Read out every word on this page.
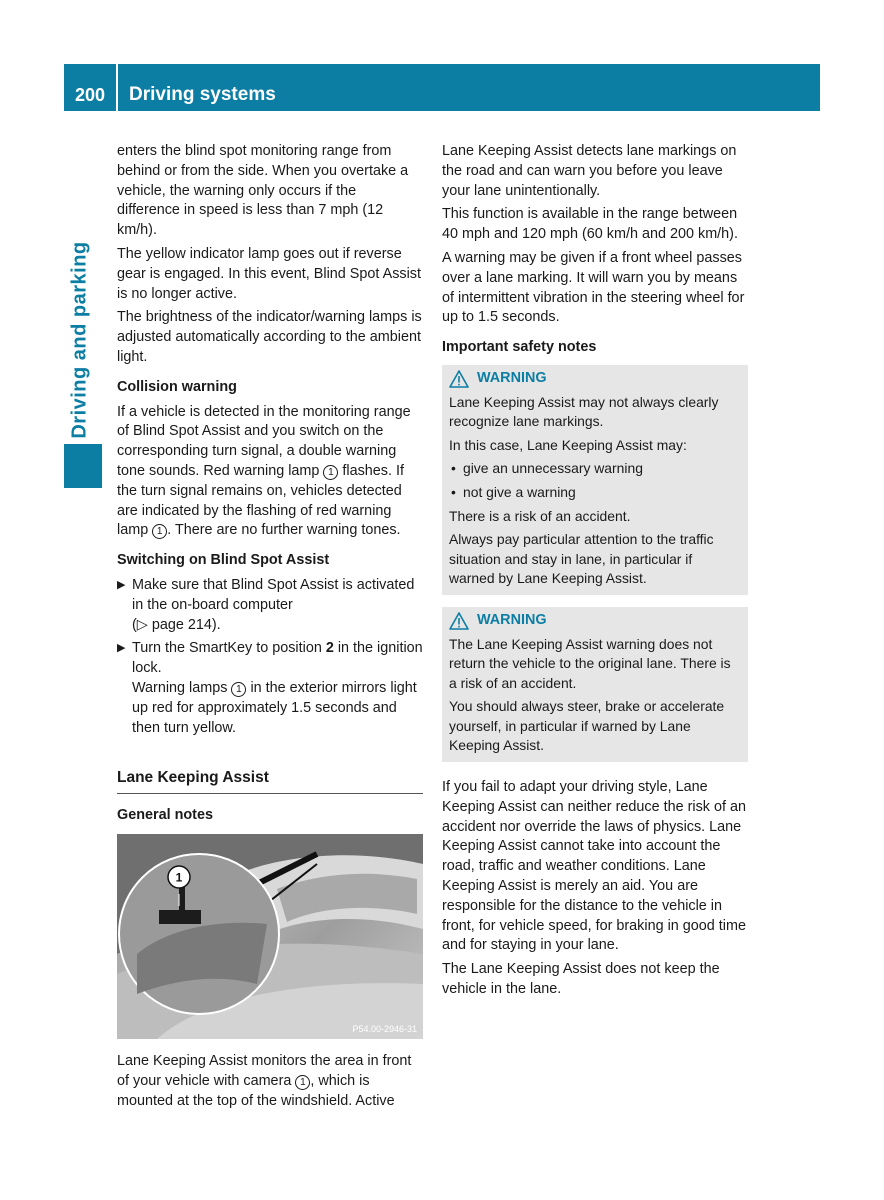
200	Driving systems
Driving and parking

enters the blind spot monitoring range from behind or from the side. When you overtake a vehicle, the warning only occurs if the difference in speed is less than 7 mph (12 km/h).

The yellow indicator lamp goes out if reverse gear is engaged. In this event, Blind Spot Assist is no longer active.

The brightness of the indicator/warning lamps is adjusted automatically according to the ambient light.

Collision warning

If a vehicle is detected in the monitoring range of Blind Spot Assist and you switch on the corresponding turn signal, a double warning tone sounds. Red warning lamp 1 flashes. If the turn signal remains on, vehicles detected are indicated by the flashing of red warning lamp 1 . There are no further warning tones.

Switching on Blind Spot Assist
▶ Make sure that Blind Spot Assist is activated in the on-board computer
(▷ page 214).
▶ Turn the SmartKey to position 2 in the ignition lock.
Warning lamps 1 in the exterior mirrors light up red for approximately 1.5 seconds and then turn yellow.
Lane Keeping Assist
General notes
1
P54.00-2946-31

Lane Keeping Assist monitors the area in front of your vehicle with camera 1 , which is mounted at the top of the windshield. Active

Lane Keeping Assist detects lane markings on the road and can warn you before you leave your lane unintentionally.

This function is available in the range between 40 mph and 120 mph (60 km/h and 200 km/h).

A warning may be given if a front wheel passes over a lane marking. It will warn you by means of intermittent vibration in the steering wheel for up to 1.5 seconds.

Important safety notes
WARNING

Lane Keeping Assist may not always clearly recognize lane markings.

In this case, Lane Keeping Assist may:

• give an unnecessary warning
• not give a warning

There is a risk of an accident.

Always pay particular attention to the traffic situation and stay in lane, in particular if warned by Lane Keeping Assist.

WARNING

The Lane Keeping Assist warning does not return the vehicle to the original lane. There is a risk of an accident.

You should always steer, brake or accelerate yourself, in particular if warned by Lane Keeping Assist.

If you fail to adapt your driving style, Lane Keeping Assist can neither reduce the risk of an accident nor override the laws of physics. Lane Keeping Assist cannot take into account the road, traffic and weather conditions. Lane Keeping Assist is merely an aid. You are responsible for the distance to the vehicle in front, for vehicle speed, for braking in good time and for staying in your lane.

The Lane Keeping Assist does not keep the vehicle in the lane.
